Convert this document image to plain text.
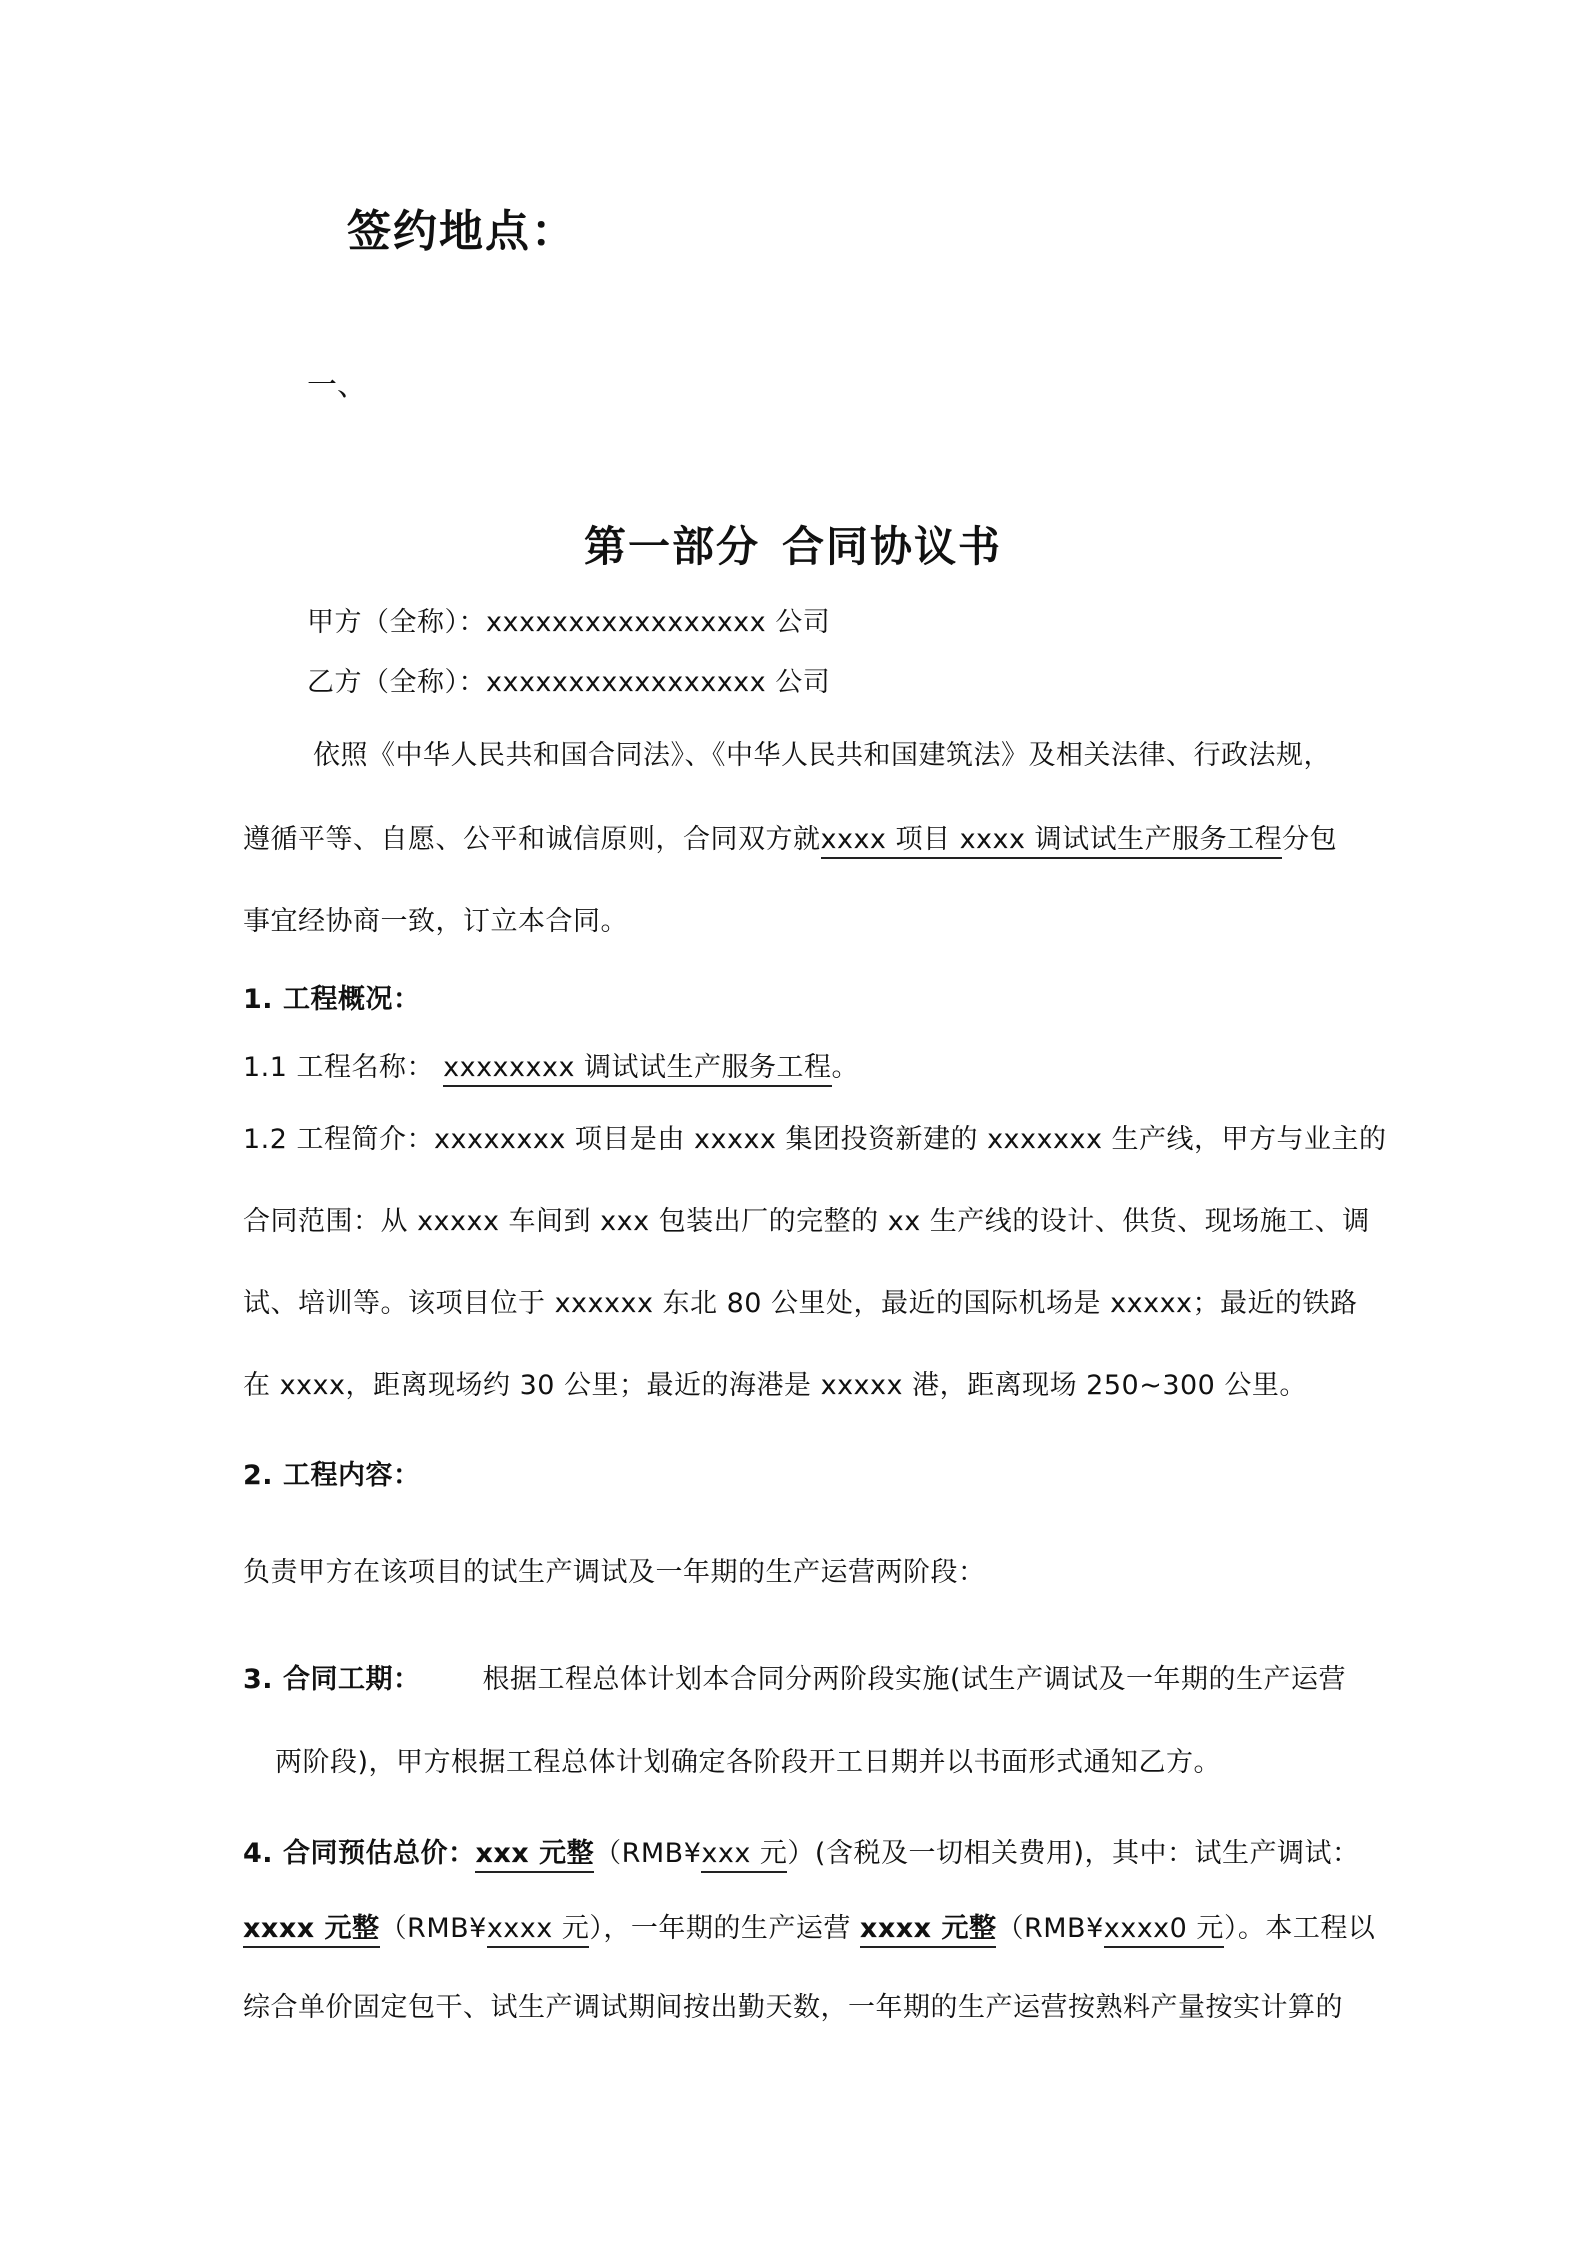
签约地点：
一、
第一部分 合同协议书
甲方（全称）：xxxxxxxxxxxxxxxxx 公司
乙方（全称）：xxxxxxxxxxxxxxxxx 公司
依照《中华人民共和国合同法》、《中华人民共和国建筑法》及相关法律、行政法规，
遵循平等、自愿、公平和诚信原则，合同双方就xxxx 项目 xxxx 调试试生产服务工程分包
事宜经协商一致，订立本合同。
1. 工程概况：
1.1 工程名称： xxxxxxxx 调试试生产服务工程。
1.2 工程简介：xxxxxxxx 项目是由 xxxxx 集团投资新建的 xxxxxxx 生产线，甲方与业主的
合同范围：从 xxxxx 车间到 xxx 包装出厂的完整的 xx 生产线的设计、供货、现场施工、调
试、培训等。该项目位于 xxxxxx 东北 80 公里处，最近的国际机场是 xxxxx；最近的铁路
在 xxxx，距离现场约 30 公里；最近的海港是 xxxxx 港，距离现场 250~300 公里。
2. 工程内容：
负责甲方在该项目的试生产调试及一年期的生产运营两阶段：
3. 合同工期： 根据工程总体计划本合同分两阶段实施(试生产调试及一年期的生产运营
两阶段)，甲方根据工程总体计划确定各阶段开工日期并以书面形式通知乙方。
4. 合同预估总价：xxx 元整（RMB¥xxx 元）(含税及一切相关费用)，其中：试生产调试：
xxxx 元整（RMB¥xxxx 元），一年期的生产运营 xxxx 元整（RMB¥xxxx0 元）。本工程以
综合单价固定包干、试生产调试期间按出勤天数，一年期的生产运营按熟料产量按实计算的
